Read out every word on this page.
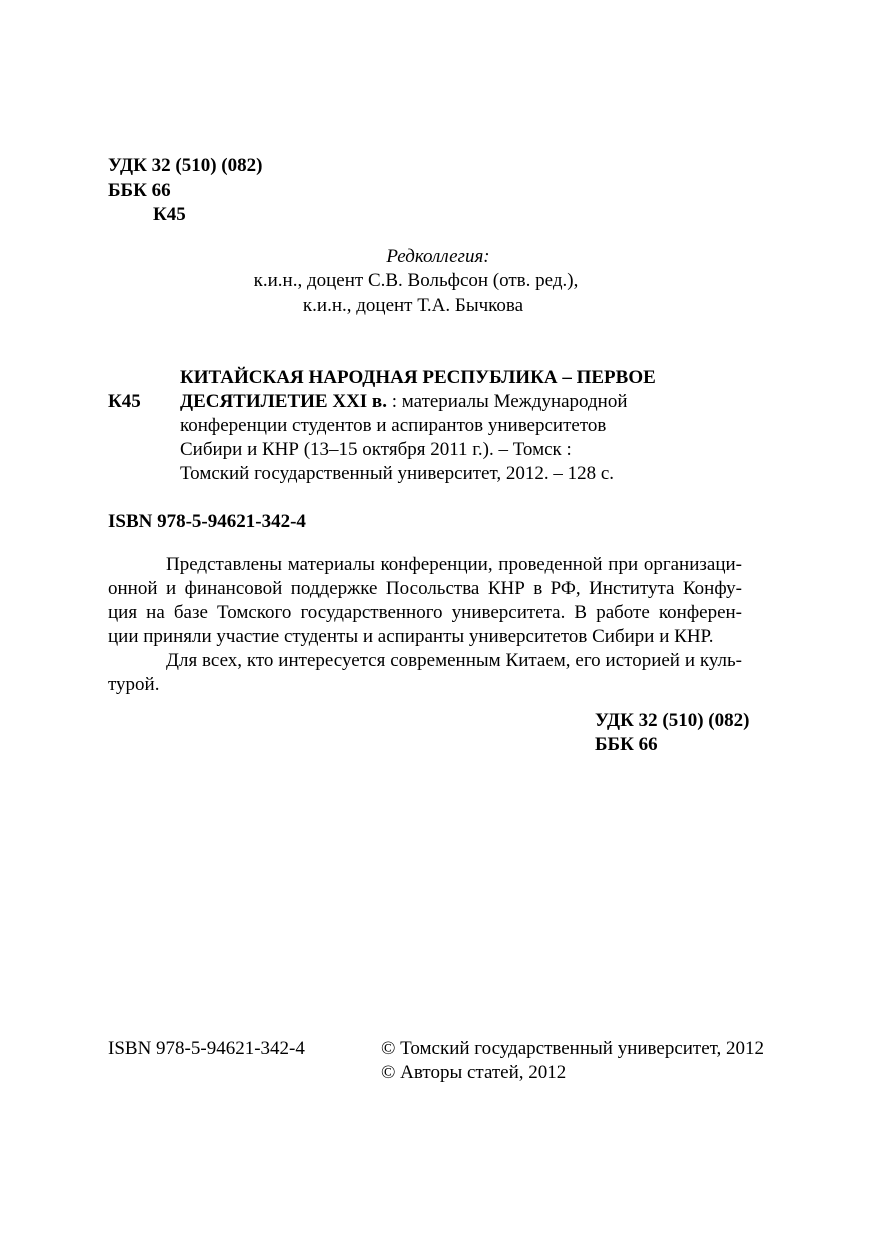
УДК 32 (510) (082)
ББК 66
К45
Редколлегия:
к.и.н., доцент С.В. Вольфсон (отв. ред.),
к.и.н., доцент Т.А. Бычкова
К45
КИТАЙСКАЯ НАРОДНАЯ РЕСПУБЛИКА – ПЕРВОЕ
ДЕСЯТИЛЕТИЕ XXI в. : материалы Международной
конференции студентов и аспирантов университетов
Сибири и КНР (13–15 октября 2011 г.). – Томск :
Томский государственный университет, 2012. – 128 с.
ISBN 978-5-94621-342-4
Представлены материалы конференции, проведенной при организаци-
онной и финансовой поддержке Посольства КНР в РФ, Института Конфу-
ция на базе Томского государственного университета. В работе конферен-
ции приняли участие студенты и аспиранты университетов Сибири и КНР.
Для всех, кто интересуется современным Китаем, его историей и куль-
турой.
УДК 32 (510) (082)
ББК 66
ISBN 978-5-94621-342-4	© Томский государственный университет, 2012
© Авторы статей, 2012
